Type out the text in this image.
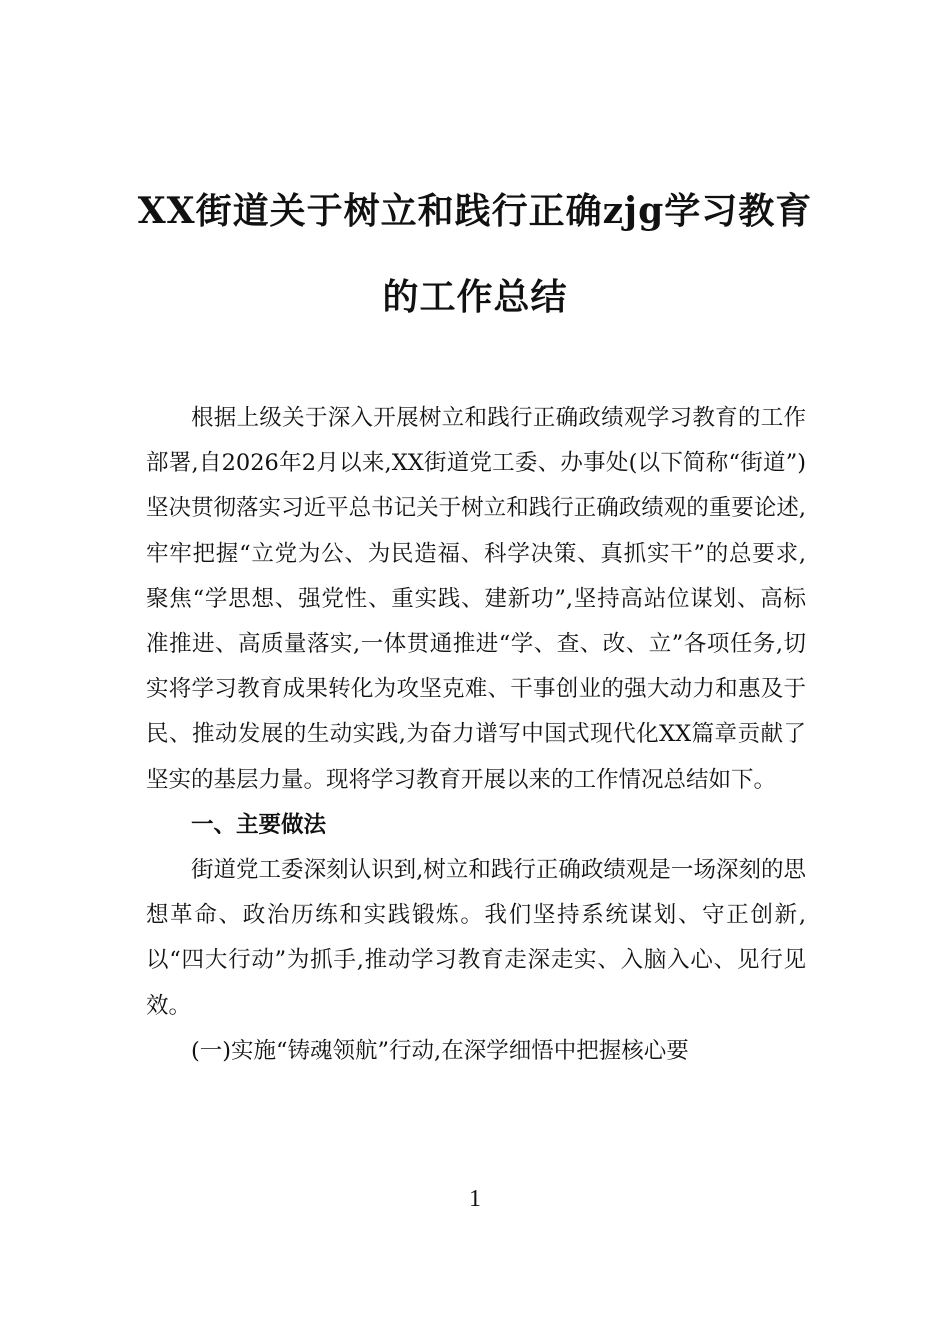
XX街道关于树立和践行正确zjg学习教育
的工作总结

根据上级关于深入开展树立和践行正确政绩观学习教育的工作部署,自2026年2月以来,XX街道党工委、办事处(以下简称“街道”)坚决贯彻落实习近平总书记关于树立和践行正确政绩观的重要论述,牢牢把握“立党为公、为民造福、科学决策、真抓实干”的总要求,聚焦“学思想、强党性、重实践、建新功”,坚持高站位谋划、高标准推进、高质量落实,一体贯通推进“学、查、改、立”各项任务,切实将学习教育成果转化为攻坚克难、干事创业的强大动力和惠及于民、推动发展的生动实践,为奋力谱写中国式现代化XX篇章贡献了坚实的基层力量。现将学习教育开展以来的工作情况总结如下。

一、主要做法

街道党工委深刻认识到,树立和践行正确政绩观是一场深刻的思想革命、政治历练和实践锻炼。我们坚持系统谋划、守正创新,以“四大行动”为抓手,推动学习教育走深走实、入脑入心、见行见效。

(一)实施“铸魂领航”行动,在深学细悟中把握核心要

1
